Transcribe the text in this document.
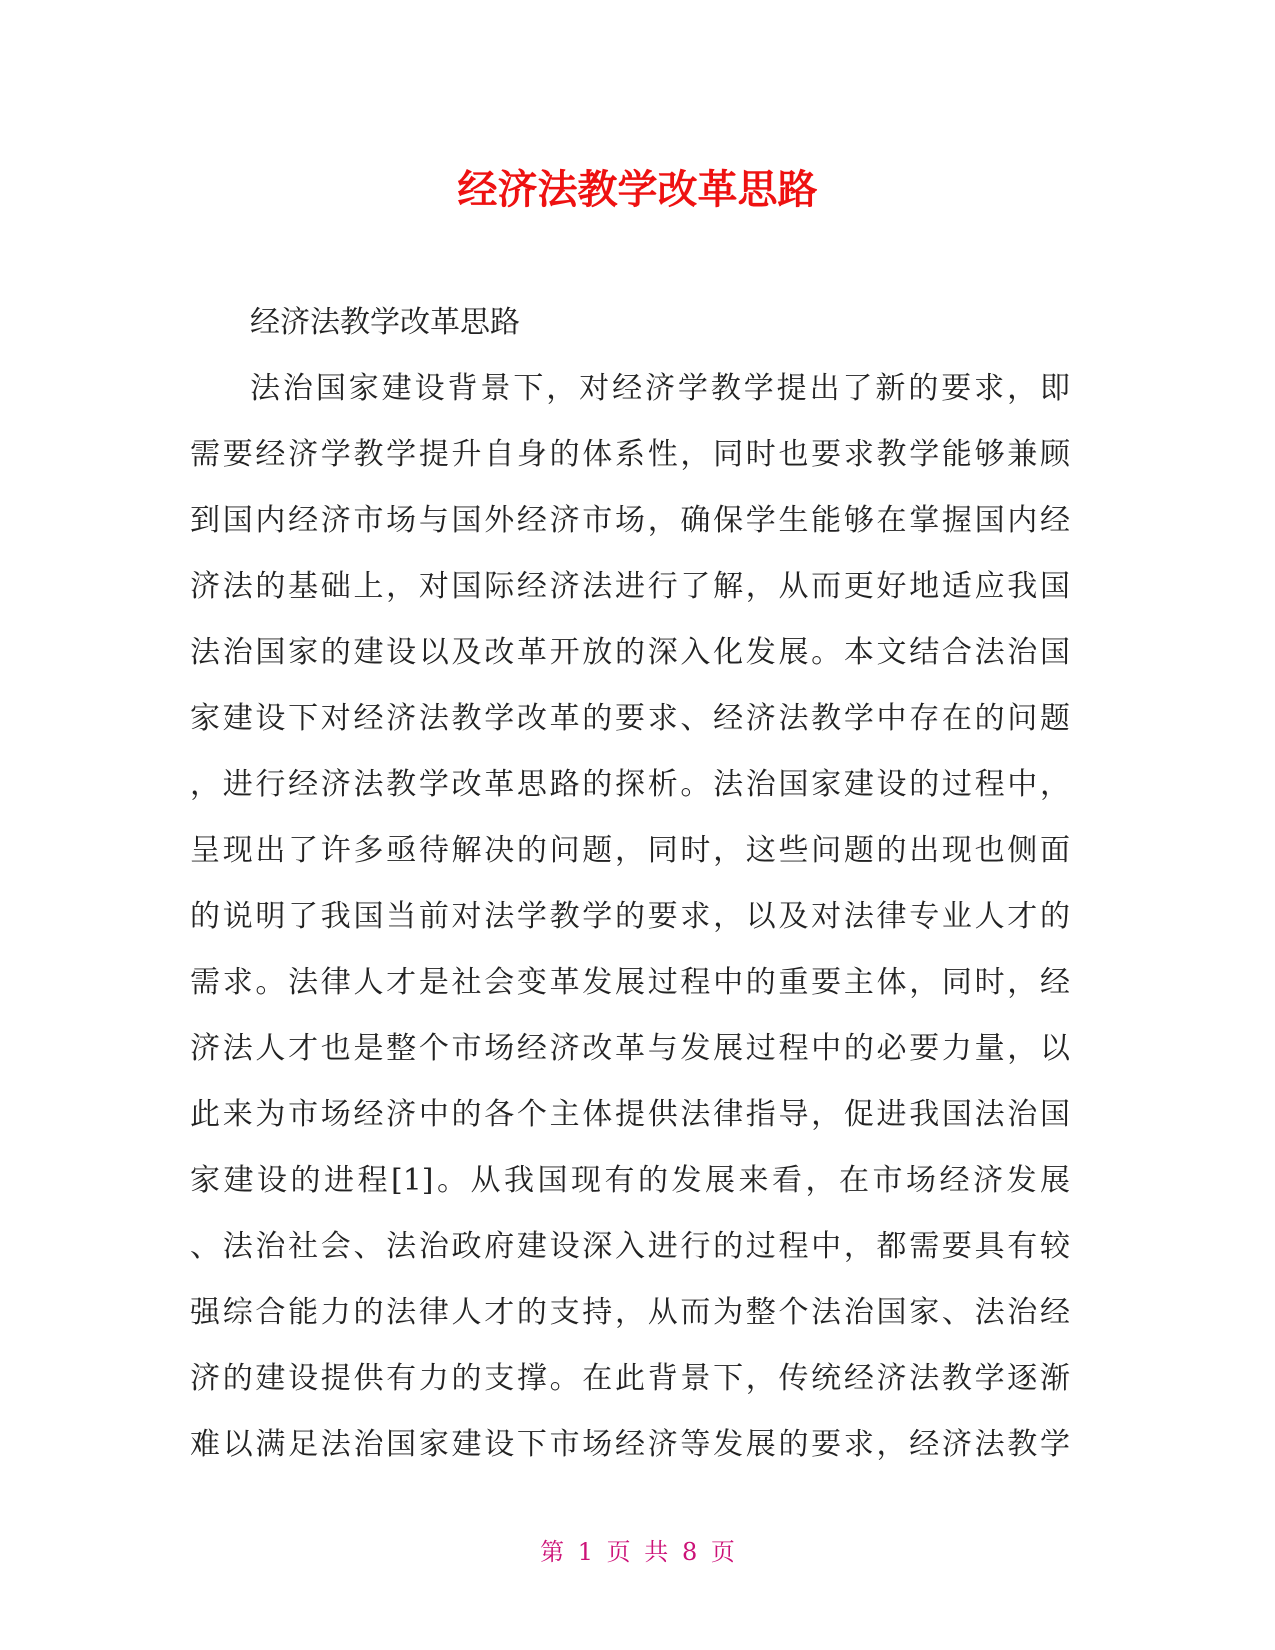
经济法教学改革思路
经济法教学改革思路
法治国家建设背景下，对经济学教学提出了新的要求，即
需要经济学教学提升自身的体系性，同时也要求教学能够兼顾
到国内经济市场与国外经济市场，确保学生能够在掌握国内经
济法的基础上，对国际经济法进行了解，从而更好地适应我国
法治国家的建设以及改革开放的深入化发展。本文结合法治国
家建设下对经济法教学改革的要求、经济法教学中存在的问题
，进行经济法教学改革思路的探析。法治国家建设的过程中，
呈现出了许多亟待解决的问题，同时，这些问题的出现也侧面
的说明了我国当前对法学教学的要求，以及对法律专业人才的
需求。法律人才是社会变革发展过程中的重要主体，同时，经
济法人才也是整个市场经济改革与发展过程中的必要力量，以
此来为市场经济中的各个主体提供法律指导，促进我国法治国
家建设的进程[1]。从我国现有的发展来看，在市场经济发展
、法治社会、法治政府建设深入进行的过程中，都需要具有较
强综合能力的法律人才的支持，从而为整个法治国家、法治经
济的建设提供有力的支撑。在此背景下，传统经济法教学逐渐
难以满足法治国家建设下市场经济等发展的要求，经济法教学
第 1 页 共 8 页
